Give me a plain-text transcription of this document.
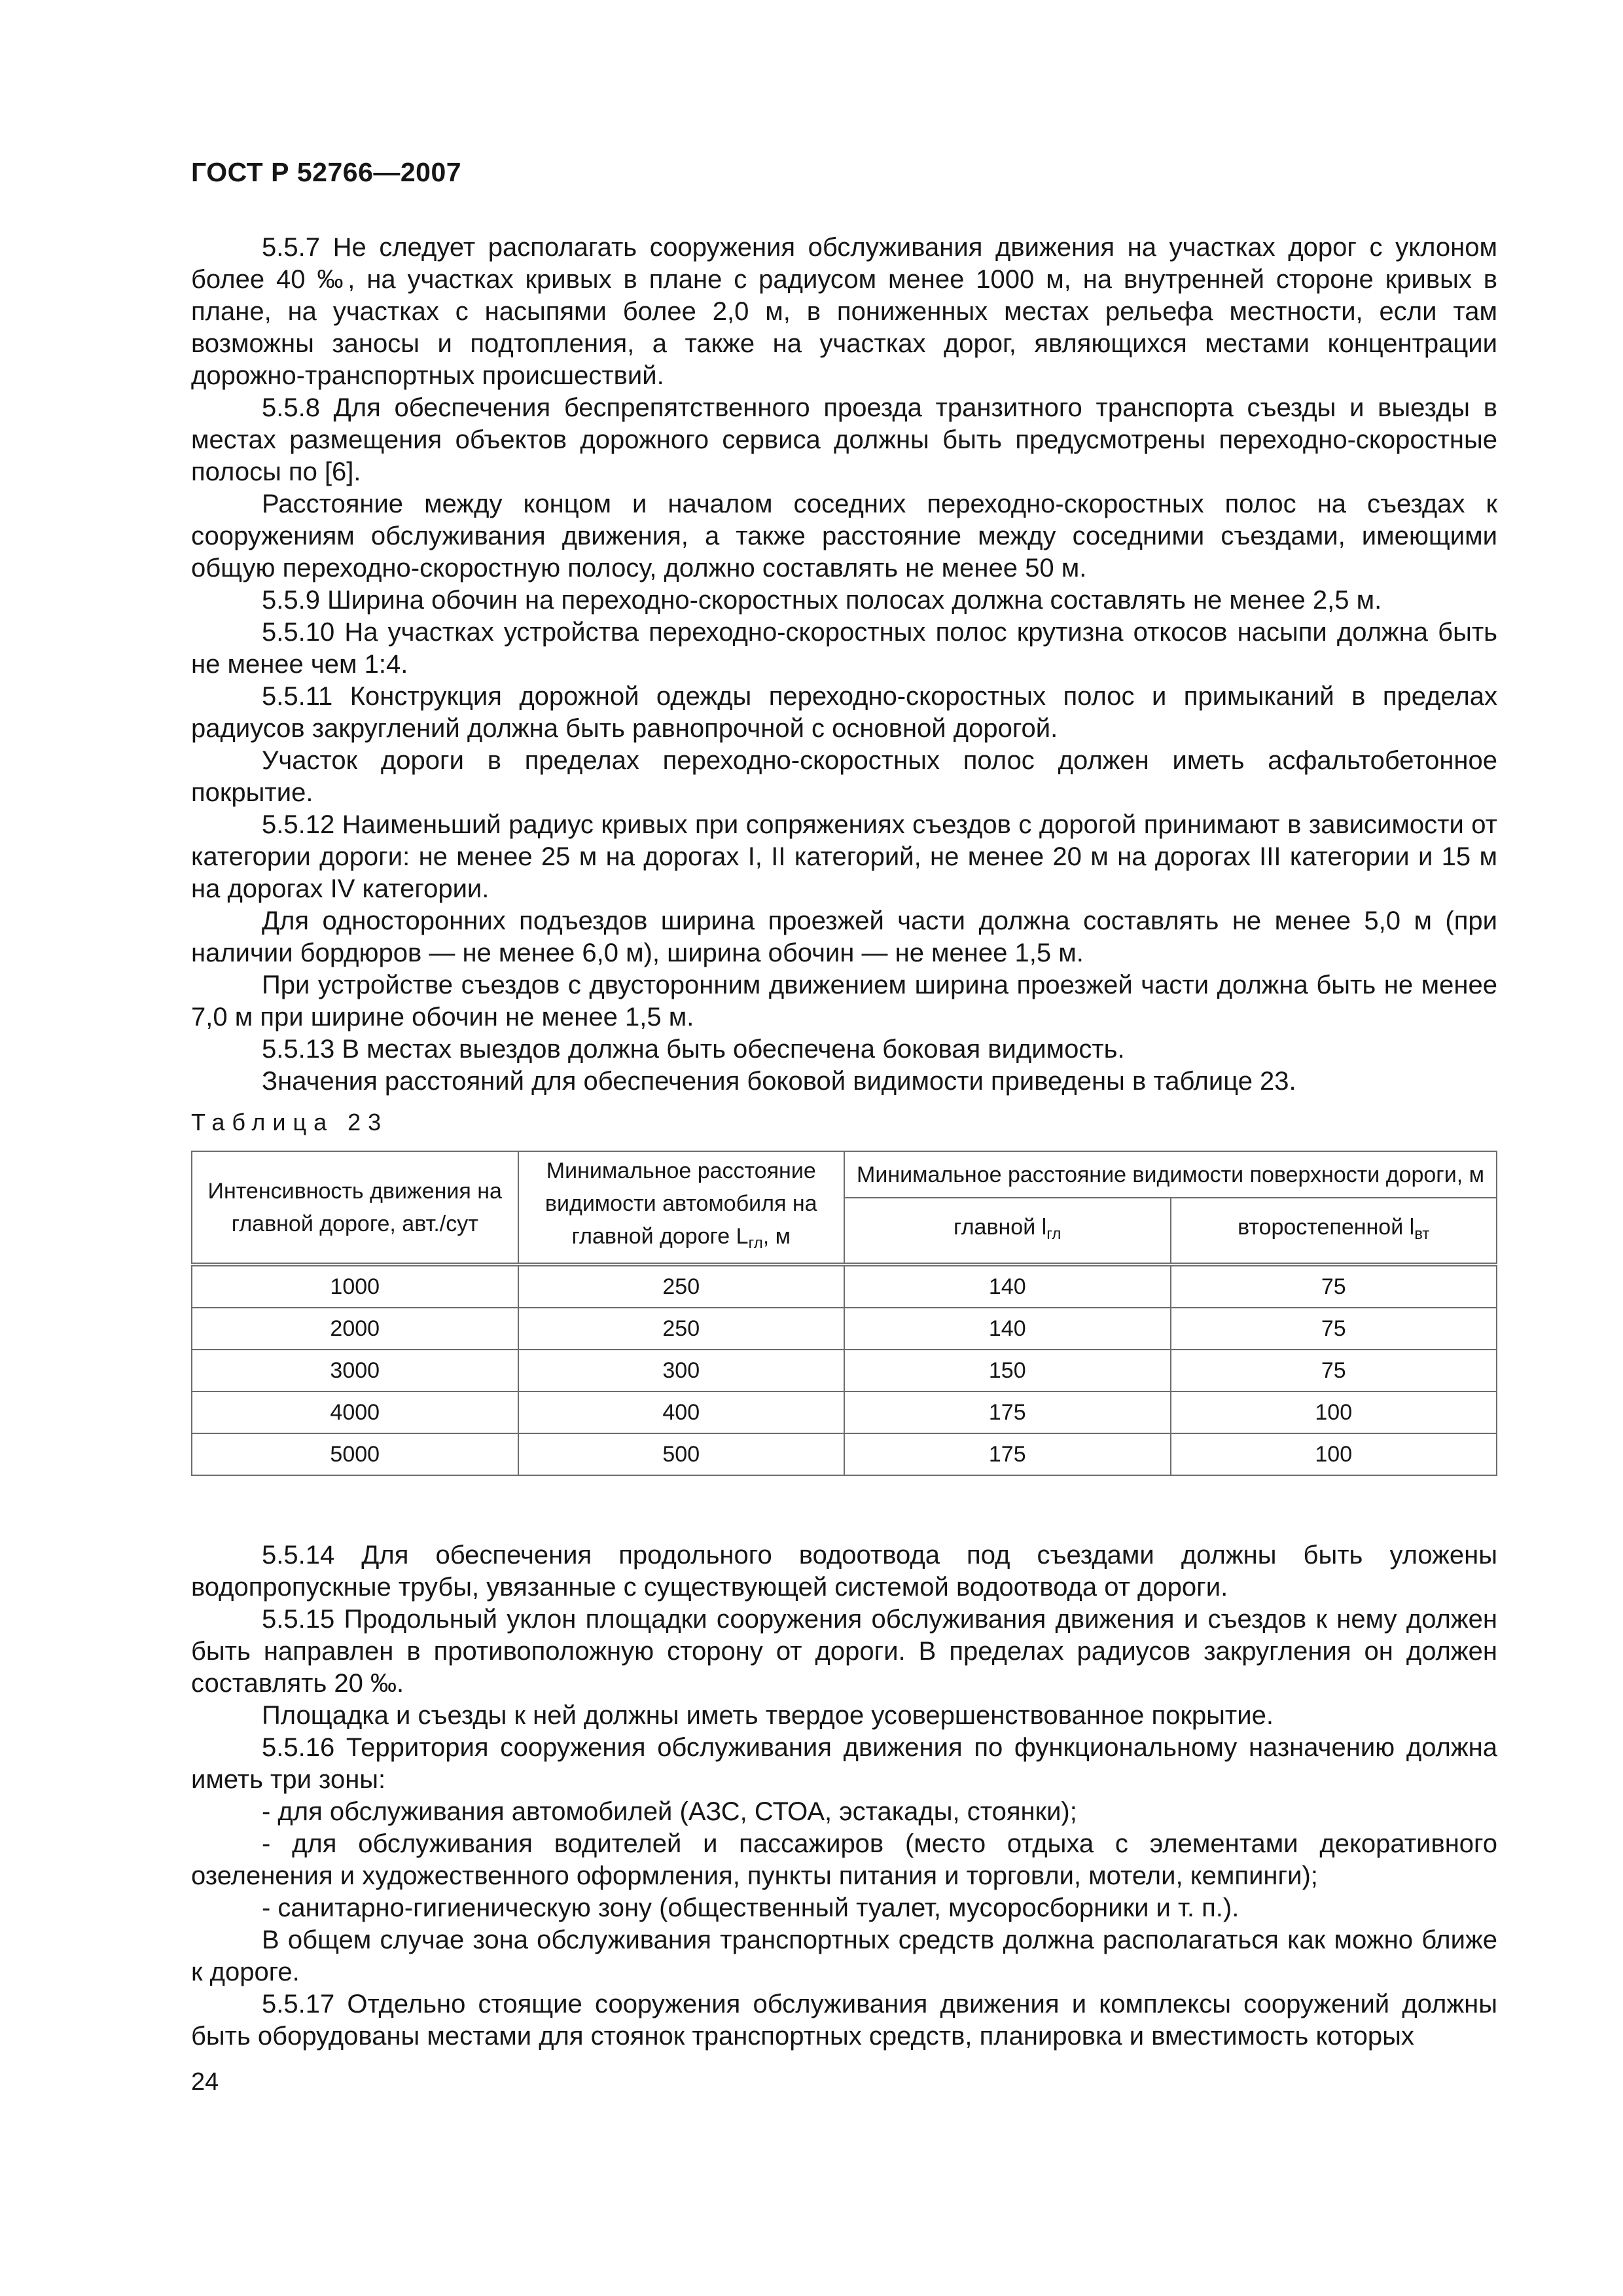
ГОСТ Р 52766—2007

5.5.7 Не следует располагать сооружения обслуживания движения на участках дорог с уклоном более 40 ‰, на участках кривых в плане с радиусом менее 1000 м, на внутренней стороне кривых в плане, на участках с насыпями более 2,0 м, в пониженных местах рельефа местности, если там возможны заносы и подтопления, а также на участках дорог, являющихся местами концентрации дорожно-транспортных происшествий.

5.5.8 Для обеспечения беспрепятственного проезда транзитного транспорта съезды и выезды в местах размещения объектов дорожного сервиса должны быть предусмотрены переходно-скоростные полосы по [6].

Расстояние между концом и началом соседних переходно-скоростных полос на съездах к сооружениям обслуживания движения, а также расстояние между соседними съездами, имеющими общую переходно-скоростную полосу, должно составлять не менее 50 м.

5.5.9 Ширина обочин на переходно-скоростных полосах должна составлять не менее 2,5 м.

5.5.10 На участках устройства переходно-скоростных полос крутизна откосов насыпи должна быть не менее чем 1:4.

5.5.11 Конструкция дорожной одежды переходно-скоростных полос и примыканий в пределах радиусов закруглений должна быть равнопрочной с основной дорогой.

Участок дороги в пределах переходно-скоростных полос должен иметь асфальтобетонное покрытие.

5.5.12 Наименьший радиус кривых при сопряжениях съездов с дорогой принимают в зависимости от категории дороги: не менее 25 м на дорогах I, II категорий, не менее 20 м на дорогах III категории и 15 м на дорогах IV категории.

Для односторонних подъездов ширина проезжей части должна составлять не менее 5,0 м (при наличии бордюров — не менее 6,0 м), ширина обочин — не менее 1,5 м.

При устройстве съездов с двусторонним движением ширина проезжей части должна быть не менее 7,0 м при ширине обочин не менее 1,5 м.

5.5.13 В местах выездов должна быть обеспечена боковая видимость.

Значения расстояний для обеспечения боковой видимости приведены в таблице 23.

Таблица 23
Интенсивность движения на главной дороге, авт./сут	Минимальное расстояние видимости автомобиля на главной дороге $L_{гл}$, м	Минимальное расстояние видимости поверхности дороги, м	
		главной $l_{гл}$	второстепенной $l_{вт}$
1000	250	140	75
2000	250	140	75
3000	300	150	75
4000	400	175	100
5000	500	175	100

5.5.14 Для обеспечения продольного водоотвода под съездами должны быть уложены водопропускные трубы, увязанные с существующей системой водоотвода от дороги.

5.5.15 Продольный уклон площадки сооружения обслуживания движения и съездов к нему должен быть направлен в противоположную сторону от дороги. В пределах радиусов закругления он должен составлять 20 ‰.

Площадка и съезды к ней должны иметь твердое усовершенствованное покрытие.

5.5.16 Территория сооружения обслуживания движения по функциональному назначению должна иметь три зоны:

- для обслуживания автомобилей (АЗС, СТОА, эстакады, стоянки);

- для обслуживания водителей и пассажиров (место отдыха с элементами декоративного озеленения и художественного оформления, пункты питания и торговли, мотели, кемпинги);

- санитарно-гигиеническую зону (общественный туалет, мусоросборники и т. п.).

В общем случае зона обслуживания транспортных средств должна располагаться как можно ближе к дороге.

5.5.17 Отдельно стоящие сооружения обслуживания движения и комплексы сооружений должны быть оборудованы местами для стоянок транспортных средств, планировка и вместимость которых

24
